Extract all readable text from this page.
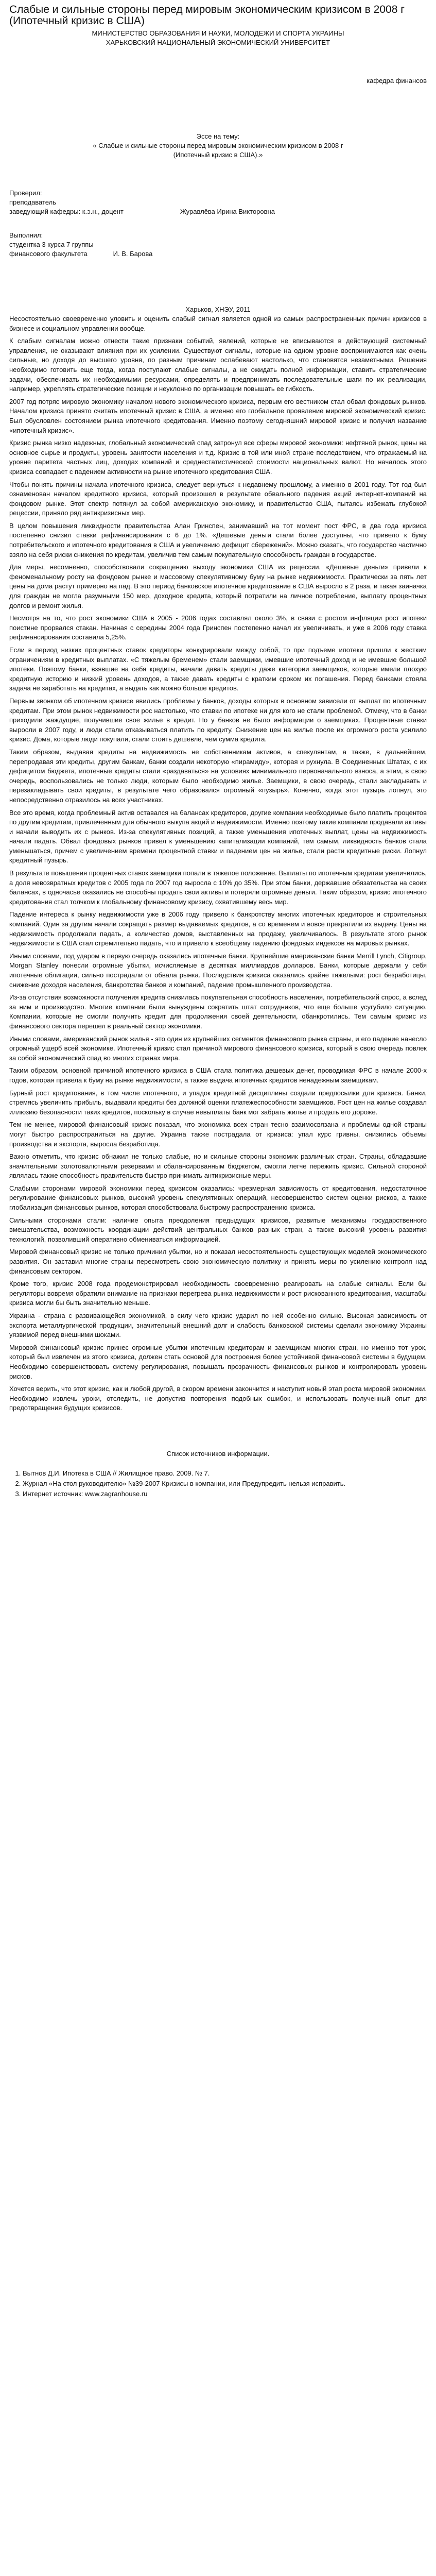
Слабые и сильные стороны перед мировым экономическим кризисом в 2008 г (Ипотечный кризис в США)

МИНИСТЕРСТВО ОБРАЗОВАНИЯ И НАУКИ, МОЛОДЕЖИ И СПОРТА УКРАИНЫ

ХАРЬКОВСКИЙ НАЦИОНАЛЬНЫЙ ЭКОНОМИЧЕСКИЙ УНИВЕРСИТЕТ

кафедра финансов

Эссе на тему:

« Слабые и сильные стороны перед мировым экономическим кризисом в 2008 г

(Ипотечный кризис в США).»

Проверил:

преподаватель

заведующий кафедры: к.э.н., доцент	Журавлёва Ирина Викторовна

Выполнил:

студентка 3 курса 7 группы

финансового факультета	И. В. Барова

Харьков, ХНЭУ, 2011

Несостоятельно своевременно уловить и оценить слабый сигнал является одной из самых распространенных причин кризисов в бизнесе и социальном управлении вообще.

К слабым сигналам можно отнести такие признаки событий, явлений, которые не вписываются в действующий системный управления, не оказывают влияния при их усилении. Существуют сигналы, которые на одном уровне воспринимаются как очень сильные, но доходя до высшего уровня, по разным причинам ослабевают настолько, что становятся незаметными. Решения необходимо готовить еще тогда, когда поступают слабые сигналы, а не ожидать полной информации, ставить стратегические задачи, обеспечивать их необходимыми ресурсами, определять и предпринимать последовательные шаги по их реализации, например, укреплять стратегические позиции и неуклонно по организации повышать ее гибкость.

2007 год потряс мировую экономику началом нового экономического кризиса, первым его вестником стал обвал фондовых рынков. Началом кризиса принято считать ипотечный кризис в США, а именно его глобальное проявление мировой экономический кризис. Был обусловлен состоянием рынка ипотечного кредитования. Именно поэтому сегодняшний мировой кризис и получил название «ипотечный кризис».

Кризис рынка низко надежных, глобальный экономический спад затронул все сферы мировой экономики: нефтяной рынок, цены на основное сырье и продукты, уровень занятости населения и т.д. Кризис в той или иной стране последствием, что отражаемый на уровне паритета частных лиц, доходах компаний и среднестатистической стоимости национальных валют. Но началось этого кризиса совпадает с падением активности на рынке ипотечного кредитования США.

Чтобы понять причины начала ипотечного кризиса, следует вернуться к недавнему прошлому, а именно в 2001 году. Тот год был ознаменован началом кредитного кризиса, который произошел в результате обвального падения акций интернет-компаний на фондовом рынке. Этот спектр потянул за собой американскую экономику, и правительство США, пытаясь избежать глубокой рецессии, приняло ряд антикризисных мер.

В целом повышения ликвидности правительства Алан Гринспен, занимавший на тот момент пост ФРС, в два года кризиса постепенно снизил ставки рефинансирования с 6 до 1%. «Дешевые деньги стали более доступны, что привело к буму потребительского и ипотечного кредитования в США и увеличению дефицит сбережений». Можно сказать, что государство частично взяло на себя риски снижения по кредитам, увеличив тем самым покупательную способность граждан в государстве.

Для меры, несомненно, способствовали сокращению выходу экономики США из рецессии. «Дешевые деньги» привели к феноменальному росту на фондовом рынке и массовому спекулятивному буму на рынке недвижимости. Практически за пять лет цены на дома растут примерно на пад. В это период банковское ипотечное кредитование в США выросло в 2 раза, и такая заиначка для граждан не могла разумными 150 мер, доходное кредита, который потратили на личное потребление, выплату процентных долгов и ремонт жилья.

Несмотря на то, что рост экономики США в 2005 - 2006 годах составлял около 3%, в связи с ростом инфляции рост ипотеки поистине прорвался стакан. Начиная с середины 2004 года Гринспен постепенно начал их увеличивать, и уже в 2006 году ставка рефинансирования составила 5,25%.

Если в период низких процентных ставок кредиторы конкурировали между собой, то при подъеме ипотеки пришли к жестким ограничениям в кредитных выплатах. «С тяжелым бременем» стали заемщики, имевшие ипотечный доход и не имевшие большой ипотеки. Поэтому банки, взявшие на себя кредиты, начали давать кредиты даже категории заемщиков, которые имели плохую кредитную историю и низкий уровень доходов, а также давать кредиты с кратким сроком их погашения. Перед банками стояла задача не заработать на кредитах, а выдать как можно больше кредитов.

Первым звонком об ипотечном кризисе явились проблемы у банков, доходы которых в основном зависели от выплат по ипотечным кредитам. При этом рынок недвижимости рос настолько, что ставки по ипотеке ни для кого не стали проблемой. Отмечу, что в банки приходили жаждущие, получившие свое жилье в кредит. Но у банков не было информации о заемщиках. Процентные ставки выросли в 2007 году, и люди стали отказываться платить по кредиту. Снижение цен на жилье после их огромного роста усилило кризис. Дома, которые люди покупали, стали стоить дешевле, чем сумма кредита.

Таким образом, выдавая кредиты на недвижимость не собственникам активов, а спекулянтам, а также, в дальнейшем, перепродавая эти кредиты, другим банкам, банки создали некоторую «пирамиду», которая и рухнула. В Соединенных Штатах, с их дефицитом бюджета, ипотечные кредиты стали «раздаваться» на условиях минимального первоначального взноса, а этим, в свою очередь, воспользовались не только люди, которым было необходимо жилье. Заемщики, в свою очередь, стали закладывать и перезакладывать свои кредиты, в результате чего образовался огромный «пузырь». Конечно, когда этот пузырь лопнул, это непосредственно отразилось на всех участниках.

Все это время, когда проблемный актив оставался на балансах кредиторов, другие компании необходимые было платить процентов по другим кредитам, привлеченным для обычного выкупа акций и недвижимости. Именно поэтому такие компании продавали активы и начали выводить их с рынков. Из-за спекулятивных позиций, а также уменьшения ипотечных выплат, цены на недвижимость начали падать. Обвал фондовых рынков привел к уменьшению капитализации компаний, тем самым, ликвидность банков стала уменьшаться, причем с увеличением времени процентной ставки и падением цен на жилье, стали расти кредитные риски. Лопнул кредитный пузырь.

В результате повышения процентных ставок заемщики попали в тяжелое положение. Выплаты по ипотечным кредитам увеличились, а доля невозвратных кредитов с 2005 года по 2007 год выросла с 10% до 35%. При этом банки, державшие обязательства на своих балансах, в одночасье оказались не способны продать свои активы и потеряли огромные деньги. Таким образом, кризис ипотечного кредитования стал толчком к глобальному финансовому кризису, охватившему весь мир.

Падение интереса к рынку недвижимости уже в 2006 году привело к банкротству многих ипотечных кредиторов и строительных компаний. Один за другим начали сокращать размер выдаваемых кредитов, а со временем и вовсе прекратили их выдачу. Цены на недвижимость продолжали падать, а количество домов, выставленных на продажу, увеличивалось. В результате этого рынок недвижимости в США стал стремительно падать, что и привело к всеобщему падению фондовых индексов на мировых рынках.

Иными словами, под ударом в первую очередь оказались ипотечные банки. Крупнейшие американские банки Merrill Lynch, Citigroup, Morgan Stanley понесли огромные убытки, исчисляемые в десятках миллиардов долларов. Банки, которые держали у себя ипотечные облигации, сильно пострадали от обвала рынка. Последствия кризиса оказались крайне тяжелыми: рост безработицы, снижение доходов населения, банкротства банков и компаний, падение промышленного производства.

Из-за отсутствия возможности получения кредита снизилась покупательная способность населения, потребительский спрос, а вслед за ним и производство. Многие компании были вынуждены сократить штат сотрудников, что еще больше усугубило ситуацию. Компании, которые не смогли получить кредит для продолжения своей деятельности, обанкротились. Тем самым кризис из финансового сектора перешел в реальный сектор экономики.

Иными словами, американский рынок жилья - это один из крупнейших сегментов финансового рынка страны, и его падение нанесло огромный ущерб всей экономике. Ипотечный кризис стал причиной мирового финансового кризиса, который в свою очередь повлек за собой экономический спад во многих странах мира.

Таким образом, основной причиной ипотечного кризиса в США стала политика дешевых денег, проводимая ФРС в начале 2000-х годов, которая привела к буму на рынке недвижимости, а также выдача ипотечных кредитов ненадежным заемщикам.

Бурный рост кредитования, в том числе ипотечного, и упадок кредитной дисциплины создали предпосылки для кризиса. Банки, стремясь увеличить прибыль, выдавали кредиты без должной оценки платежеспособности заемщиков. Рост цен на жилье создавал иллюзию безопасности таких кредитов, поскольку в случае невыплаты банк мог забрать жилье и продать его дороже.

Тем не менее, мировой финансовый кризис показал, что экономика всех стран тесно взаимосвязана и проблемы одной страны могут быстро распространиться на другие. Украина также пострадала от кризиса: упал курс гривны, снизились объемы производства и экспорта, выросла безработица.

Важно отметить, что кризис обнажил не только слабые, но и сильные стороны экономик различных стран. Страны, обладавшие значительными золотовалютными резервами и сбалансированным бюджетом, смогли легче пережить кризис. Сильной стороной являлась также способность правительств быстро принимать антикризисные меры.

Слабыми сторонами мировой экономики перед кризисом оказались: чрезмерная зависимость от кредитования, недостаточное регулирование финансовых рынков, высокий уровень спекулятивных операций, несовершенство систем оценки рисков, а также глобализация финансовых рынков, которая способствовала быстрому распространению кризиса.

Сильными сторонами стали: наличие опыта преодоления предыдущих кризисов, развитые механизмы государственного вмешательства, возможность координации действий центральных банков разных стран, а также высокий уровень развития технологий, позволивший оперативно обмениваться информацией.

Мировой финансовый кризис не только причинил убытки, но и показал несостоятельность существующих моделей экономического развития. Он заставил многие страны пересмотреть свою экономическую политику и принять меры по усилению контроля над финансовым сектором.

Кроме того, кризис 2008 года продемонстрировал необходимость своевременно реагировать на слабые сигналы. Если бы регуляторы вовремя обратили внимание на признаки перегрева рынка недвижимости и рост рискованного кредитования, масштабы кризиса могли бы быть значительно меньше.

Украина - страна с развивающейся экономикой, в силу чего кризис ударил по ней особенно сильно. Высокая зависимость от экспорта металлургической продукции, значительный внешний долг и слабость банковской системы сделали экономику Украины уязвимой перед внешними шоками.

Мировой финансовый кризис принес огромные убытки ипотечным кредиторам и заемщикам многих стран, но именно тот урок, который был извлечен из этого кризиса, должен стать основой для построения более устойчивой финансовой системы в будущем. Необходимо совершенствовать систему регулирования, повышать прозрачность финансовых рынков и контролировать уровень рисков.

Хочется верить, что этот кризис, как и любой другой, в скором времени закончится и наступит новый этап роста мировой экономики. Необходимо извлечь уроки, отследить, не допустив повторения подобных ошибок, и использовать полученный опыт для предотвращения будущих кризисов.

Список источников информации.

1. Вытнов Д.И. Ипотека в США // Жилищное право. 2009. № 7.
2. Журнал «На стол руководителю» №39-2007 Кризисы в компании, или Предупредить нельзя исправить.
3. Интернет источник: www.zagranhouse.ru
